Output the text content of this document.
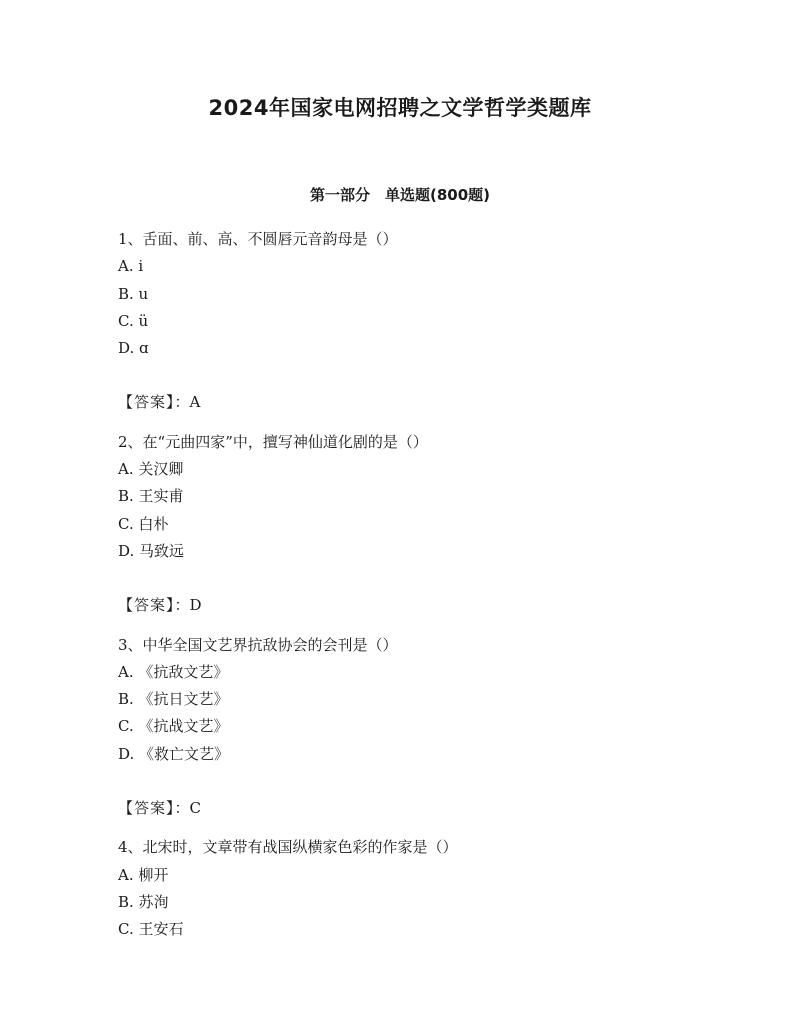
2024年国家电网招聘之文学哲学类题库
第一部分　单选题(800题)
1、舌面、前、高、不圆唇元音韵母是（）
A. i
B. u
C. ü
D. ɑ
【答案】：A
2、在“元曲四家”中，擅写神仙道化剧的是（）
A. 关汉卿
B. 王实甫
C. 白朴
D. 马致远
【答案】：D
3、中华全国文艺界抗敌协会的会刊是（）
A. 《抗敌文艺》
B. 《抗日文艺》
C. 《抗战文艺》
D. 《救亡文艺》
【答案】：C
4、北宋时，文章带有战国纵横家色彩的作家是（）
A. 柳开
B. 苏洵
C. 王安石
